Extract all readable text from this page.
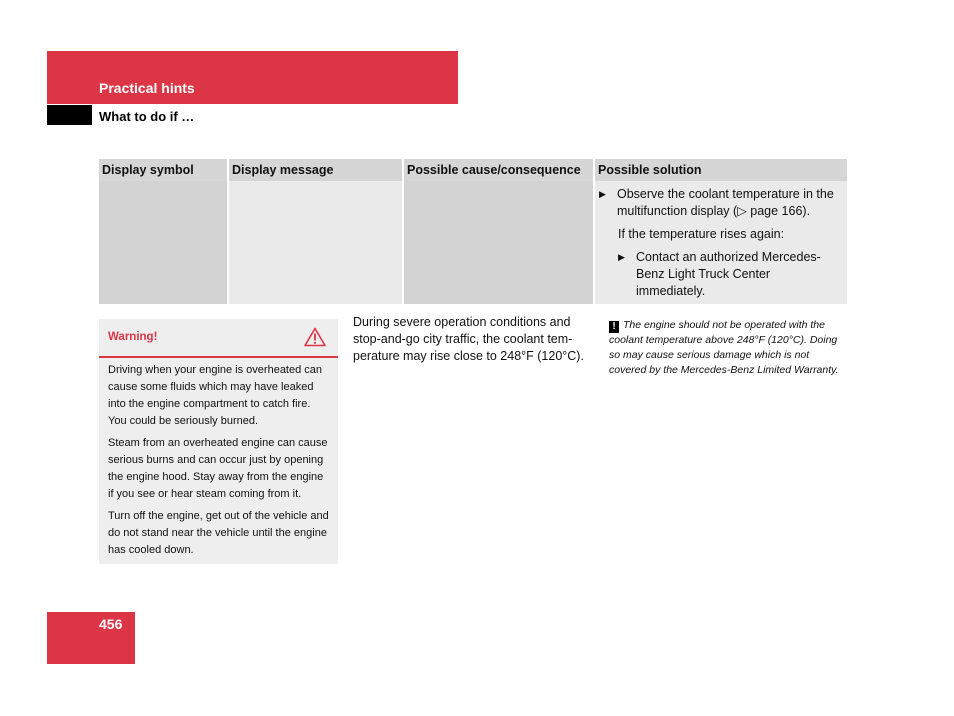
Practical hints
What to do if …
Display symbol	Display message	Possible cause/consequence	Possible solution

			▶ Observe the coolant temperature in the multifunction display (▷ page 166).
If the temperature rises again:
▶ Contact an authorized Mercedes-Benz Light Truck Center immediately.
Warning!

Driving when your engine is overheated can cause some fluids which may have leaked into the engine compartment to catch fire. You could be seriously burned.

Steam from an overheated engine can cause serious burns and can occur just by opening the engine hood. Stay away from the engine if you see or hear steam coming from it.

Turn off the engine, get out of the vehicle and do not stand near the vehicle until the engine has cooled down.

During severe operation conditions and stop-and-go city traffic, the coolant tem-perature may rise close to 248°F (120°C).
! The engine should not be operated with the coolant temperature above 248°F (120°C). Doing so may cause serious damage which is not covered by the Mercedes-Benz Limited Warranty.
456
